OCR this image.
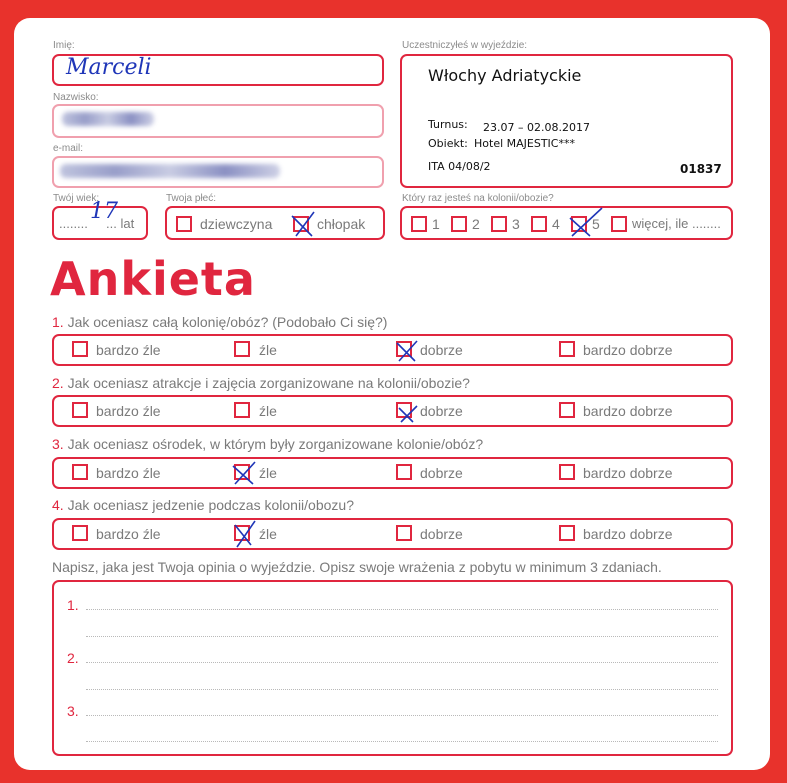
Imię:
Marceli
Nazwisko:
e-mail:
Twój wiek:
........ 17
... lat
Twoja płeć:
dziewczyna	chłopak
Uczestniczyłeś w wyjeździe:
Włochy Adriatyckie
Turnus: 23.07 – 02.08.2017
Obiekt: Hotel MAJESTIC***
ITA 04/08/2	01837
Który raz jesteś na kolonii/obozie?
1 2 3 4 5 więcej, ile ........
Ankieta
1. Jak oceniasz całą kolonię/obóz? (Podobało Ci się?)
bardzo źle	źle	dobrze	bardzo dobrze
2. Jak oceniasz atrakcje i zajęcia zorganizowane na kolonii/obozie?
bardzo źle	źle	dobrze	bardzo dobrze
3. Jak oceniasz ośrodek, w którym były zorganizowane kolonie/obóz?
bardzo źle	źle	dobrze	bardzo dobrze
4. Jak oceniasz jedzenie podczas kolonii/obozu?
bardzo źle	źle	dobrze	bardzo dobrze
Napisz, jaka jest Twoja opinia o wyjeździe. Opisz swoje wrażenia z pobytu w minimum 3 zdaniach.
1.
2.
3.
